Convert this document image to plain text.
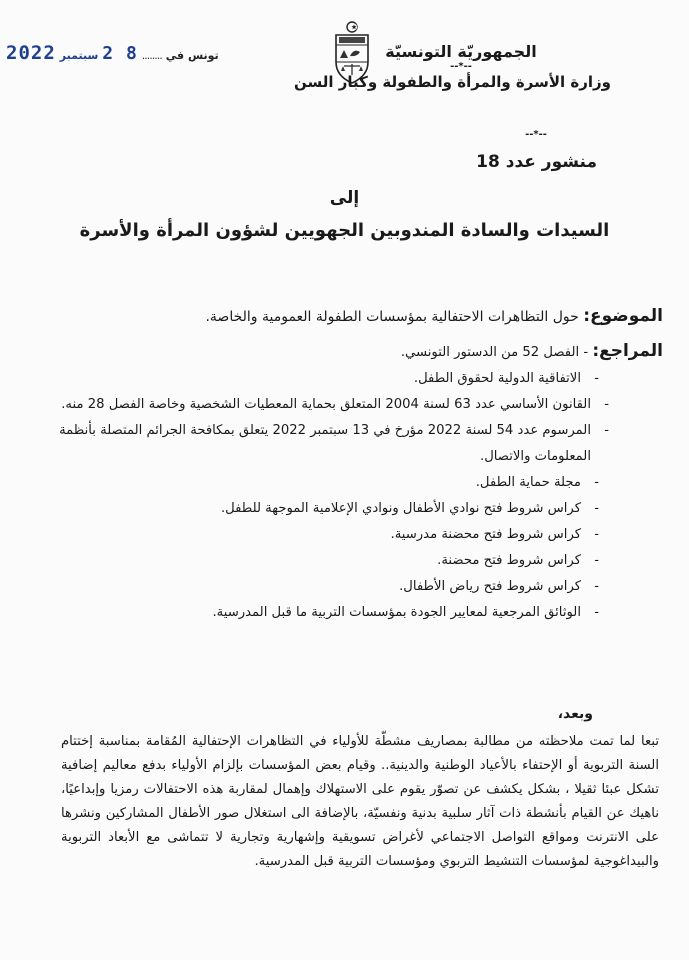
2022 سبتمبر 2 8 ........ تونس في	الجمهوريّة التونسيّة
--*--
وزارة الأسرة والمرأة والطفولة وكبار السن
--*--
منشور عدد 18
إلى
السيدات والسادة المندوبين الجهويين لشؤون المرأة والأسرة
الموضوع: حول التظاهرات الاحتفالية بمؤسسات الطفولة العمومية والخاصة.
المراجع: - الفصل 52 من الدستور التونسي.
- الاتفاقية الدولية لحقوق الطفل.
- القانون الأساسي عدد 63 لسنة 2004 المتعلق بحماية المعطيات الشخصية وخاصة الفصل 28 منه.
- المرسوم عدد 54 لسنة 2022 مؤرخ في 13 سبتمبر 2022 يتعلق بمكافحة الجرائم المتصلة بأنظمة المعلومات والاتصال.
- مجلة حماية الطفل.
- كراس شروط فتح نوادي الأطفال ونوادي الإعلامية الموجهة للطفل.
- كراس شروط فتح محضنة مدرسية.
- كراس شروط فتح محضنة.
- كراس شروط فتح رياض الأطفال.
- الوثائق المرجعية لمعايير الجودة بمؤسسات التربية ما قبل المدرسية.
وبعد،
تبعا لما تمت ملاحظته من مطالبة بمصاريف مشطّة للأولياء في التظاهرات الإحتفالية المُقامة بمناسبة إختتام السنة التربوية أو الإحتفاء بالأعياد الوطنية والدينية.. وقيام بعض المؤسسات بإلزام الأولياء بدفع معاليم إضافية تشكل عبئا ثقيلا ، بشكل يكشف عن تصوّر يقوم على الاستهلاك وإهمال لمقاربة هذه الاحتفالات رمزيا وإبداعيًا، ناهيك عن القيام بأنشطة ذات آثار سلبية بدنية ونفسيّة، بالإضافة الى استغلال صور الأطفال المشاركين ونشرها على الانترنت ومواقع التواصل الاجتماعي لأغراض تسويقية وإشهارية وتجارية لا تتماشى مع الأبعاد التربوية والبيداغوجية لمؤسسات التنشيط التربوي ومؤسسات التربية قبل المدرسية.
